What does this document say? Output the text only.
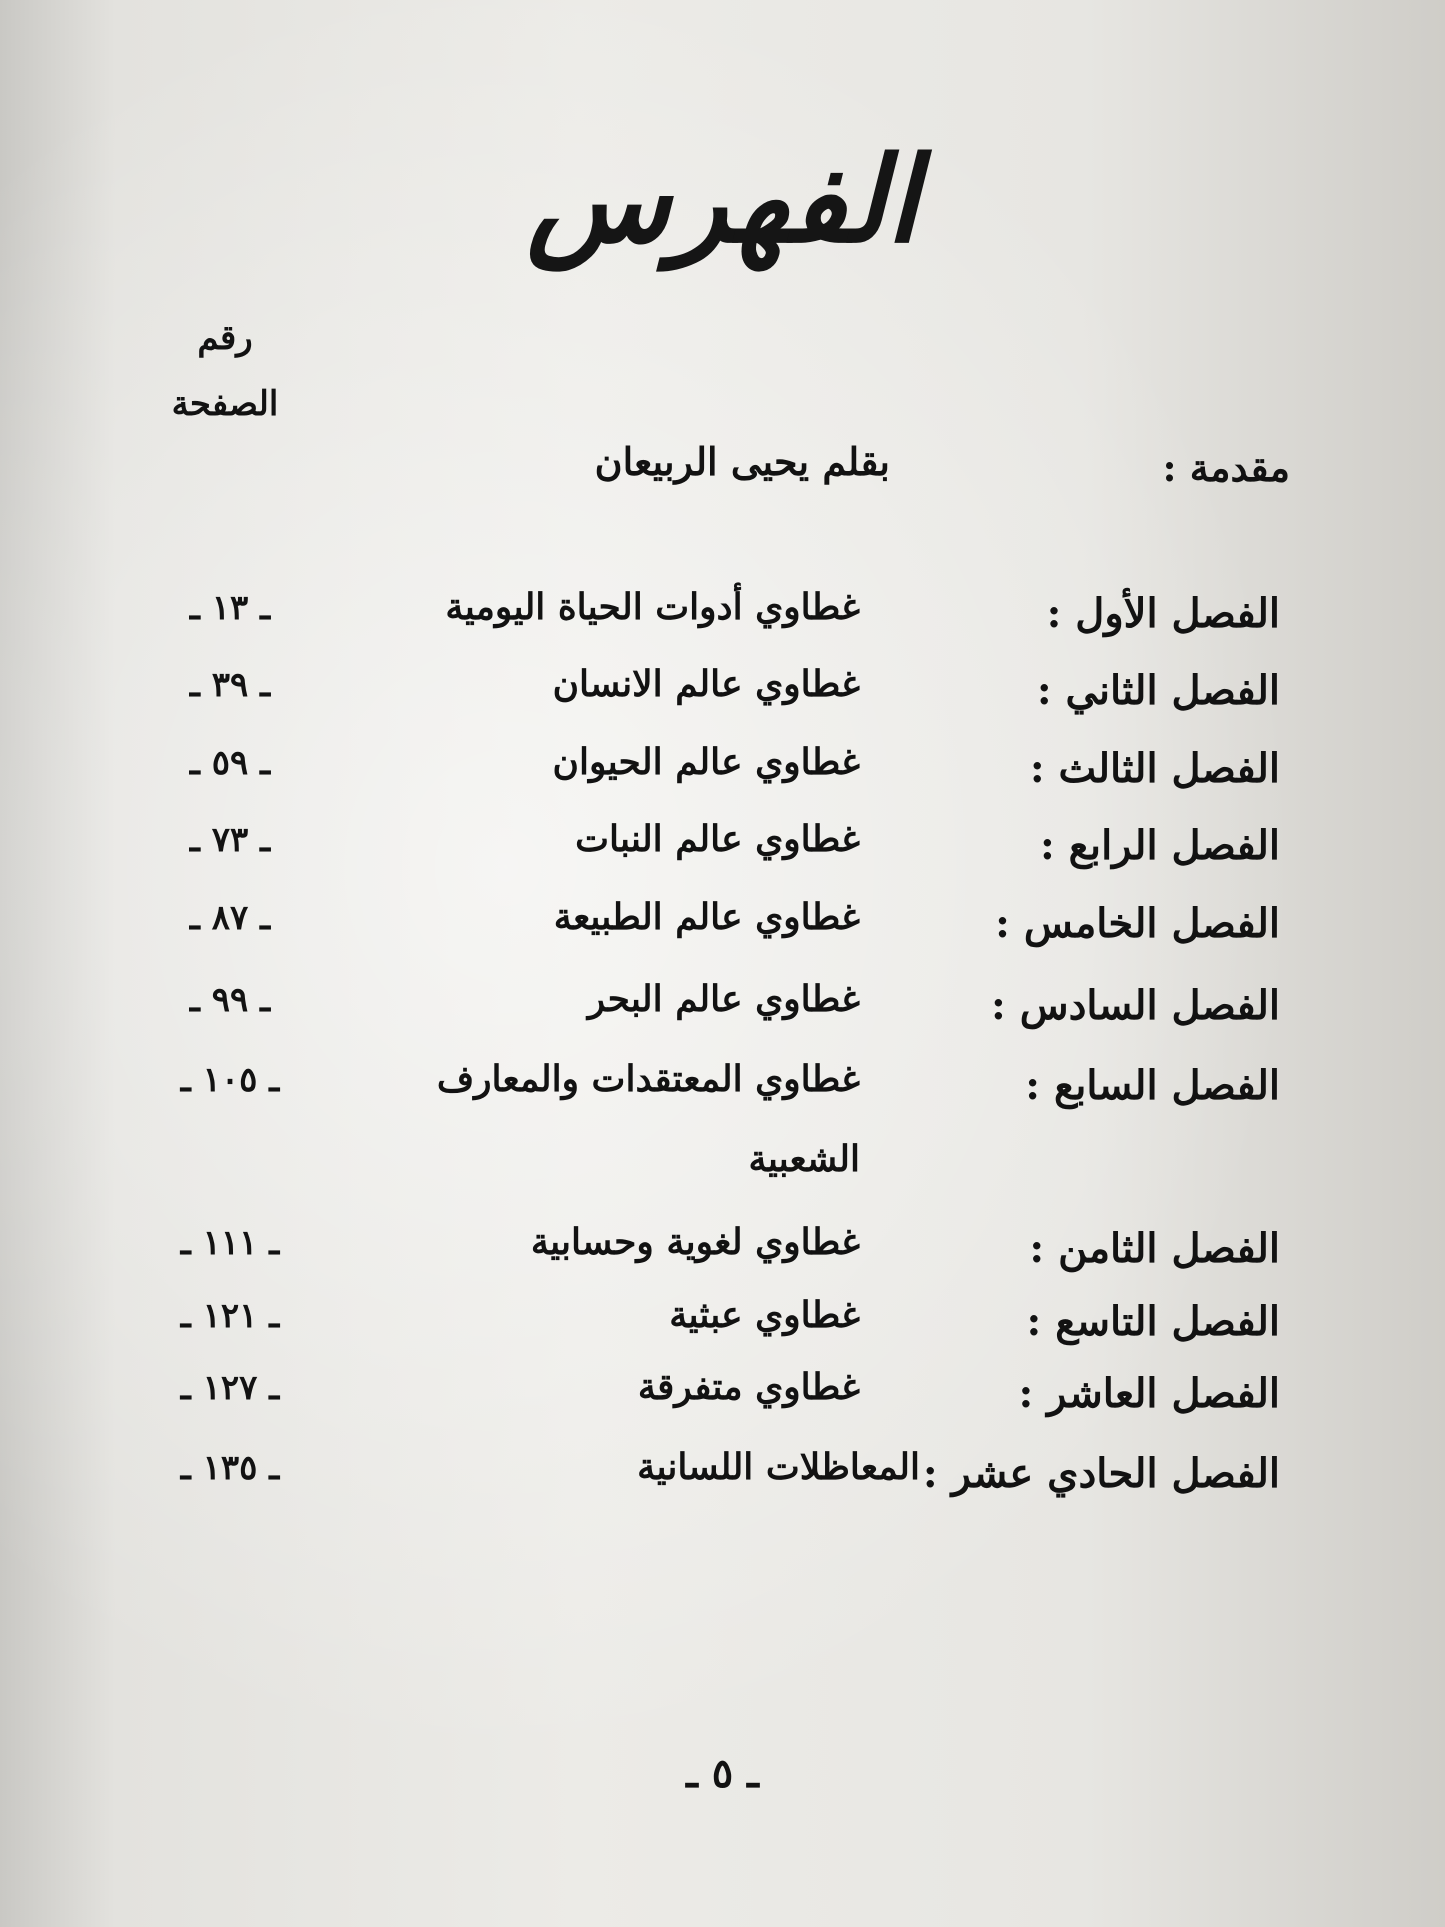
الفهرس
رقم
الصفحة
مقدمة :
بقلم يحيى الربيعان
الفصل الأول :
غطاوي أدوات الحياة اليومية
ـ ١٣ ـ
الفصل الثاني :
غطاوي عالم الانسان
ـ ٣٩ ـ
الفصل الثالث :
غطاوي عالم الحيوان
ـ ٥٩ ـ
الفصل الرابع :
غطاوي عالم النبات
ـ ٧٣ ـ
الفصل الخامس :
غطاوي عالم الطبيعة
ـ ٨٧ ـ
الفصل السادس :
غطاوي عالم البحر
ـ ٩٩ ـ
الفصل السابع :
غطاوي المعتقدات والمعارف
ـ ١٠٥ ـ
الشعبية
الفصل الثامن :
غطاوي لغوية وحسابية
ـ ١١١ ـ
الفصل التاسع :
غطاوي عبثية
ـ ١٢١ ـ
الفصل العاشر :
غطاوي متفرقة
ـ ١٢٧ ـ
الفصل الحادي عشر :
المعاظلات اللسانية
ـ ١٣٥ ـ
ـ ٥ ـ
